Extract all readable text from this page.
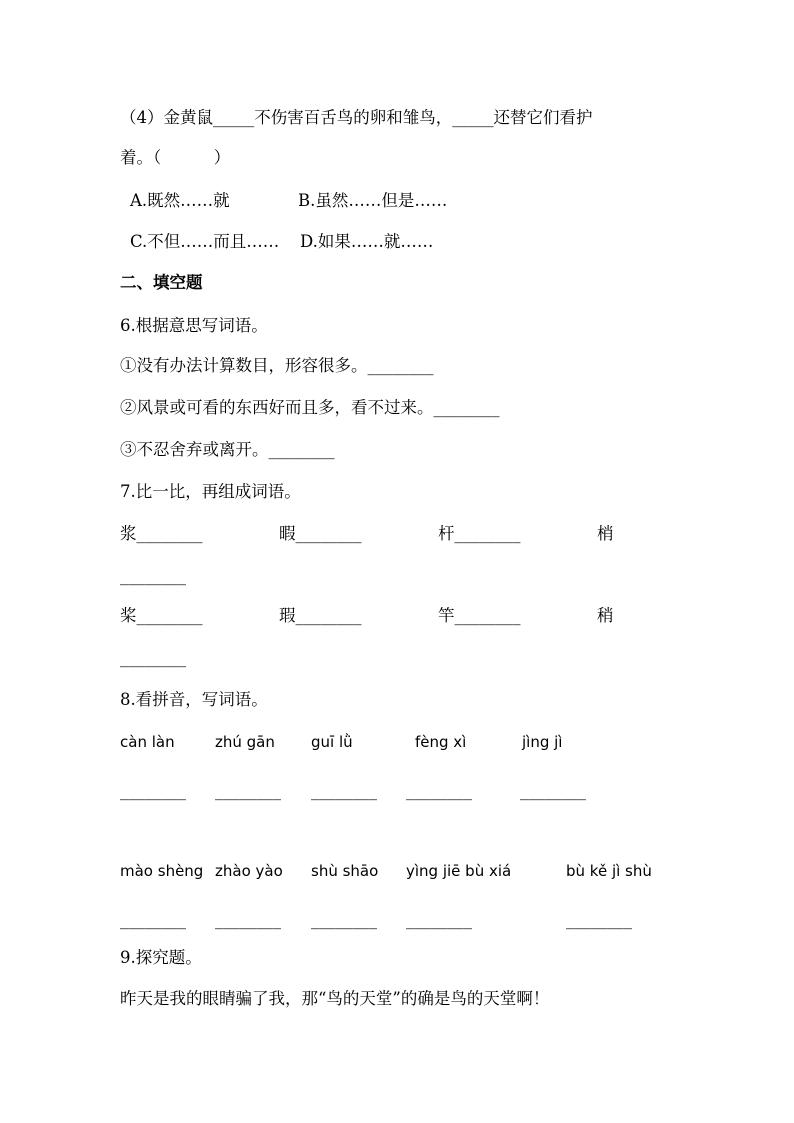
（4）金黄鼠_____不伤害百舌鸟的卵和雏鸟，_____还替它们看护
着。（          ）
A.既然……就	B.虽然……但是……
C.不但……而且…… D.如果……就……
二、填空题
6.根据意思写词语。
①没有办法计算数目，形容很多。________
②风景或可看的东西好而且多，看不过来。________
③不忍舍弃或离开。________
7.比一比，再组成词语。
浆________	暇________	杆________	梢
________
桨________	瑕________	竿________	稍
________
8.看拼音，写词语。
càn làn	zhú gān guī lǜ	fèng xì	jìng jì
________ ________ ________ ________	________
mào shèng zhào yào shù shāo yìng jiē bù xiá	bù kě jì shù
________ ________ ________ ________	________
9.探究题。
昨天是我的眼睛骗了我，那“鸟的天堂”的确是鸟的天堂啊！
